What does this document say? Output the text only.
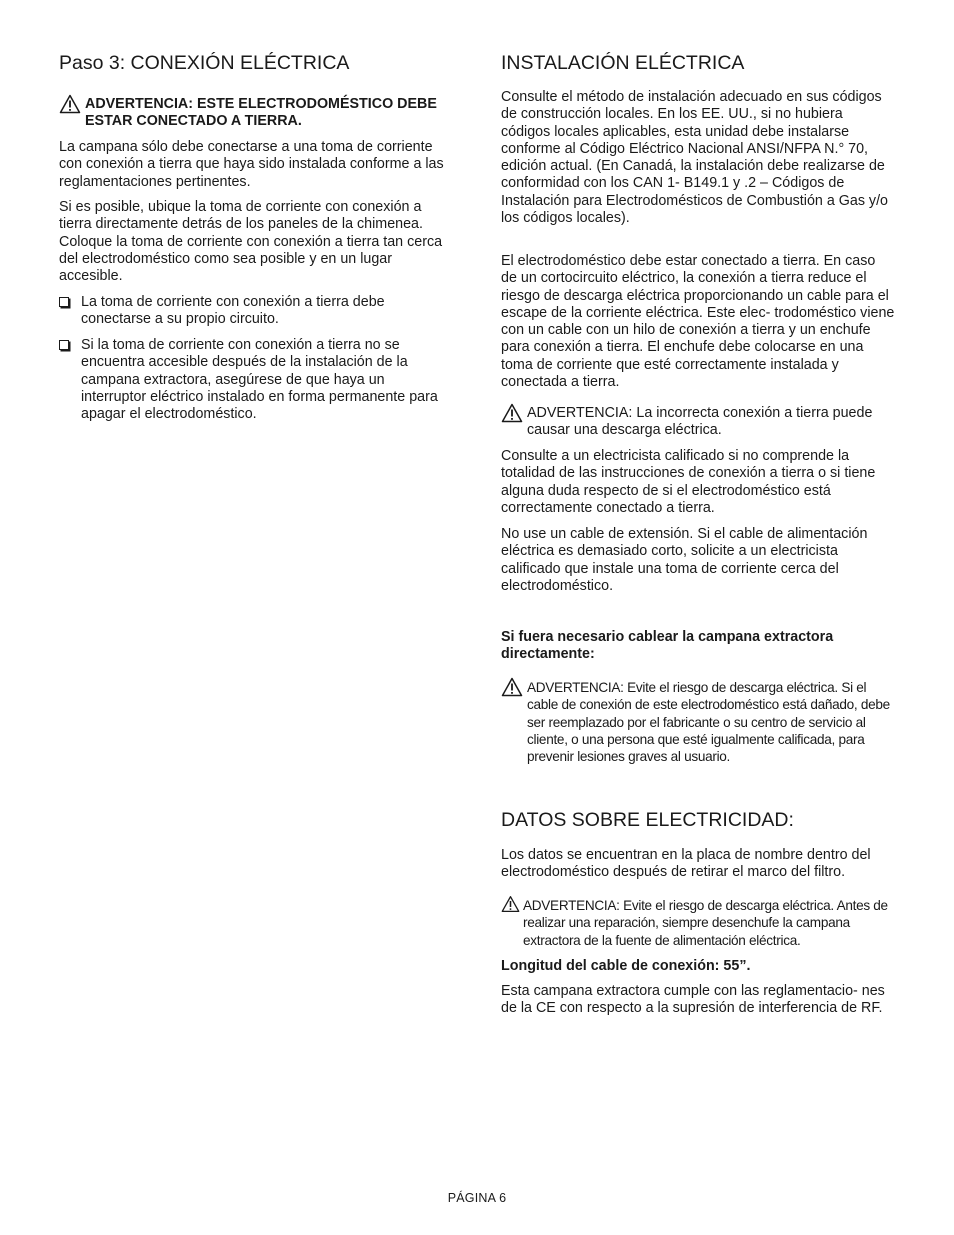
Paso 3: CONEXIÓN ELÉCTRICA
ADVERTENCIA: ESTE ELECTRODOMÉSTICO DEBE ESTAR CONECTADO A TIERRA.

La campana sólo debe conectarse a una toma de corriente con conexión a tierra que haya sido instalada conforme a las reglamentaciones pertinentes.

Si es posible, ubique la toma de corriente con conexión a tierra directamente detrás de los paneles de la chimenea. Coloque la toma de corriente con conexión a tierra tan cerca del electrodoméstico como sea posible y en un lugar accesible.

La toma de corriente con conexión a tierra debe conectarse a su propio circuito.
Si la toma de corriente con conexión a tierra no se encuentra accesible después de la instalación de la campana extractora, asegúrese de que haya un interruptor eléctrico instalado en forma permanente para apagar el electrodoméstico.
INSTALACIÓN ELÉCTRICA

Consulte el método de instalación adecuado en sus códigos de construcción locales. En los EE. UU., si no hubiera códigos locales aplicables, esta unidad debe instalarse conforme al Código Eléctrico Nacional ANSI/NFPA N.° 70, edición actual. (En Canadá, la instalación debe realizarse de conformidad con los CAN 1- B149.1 y .2 – Códigos de Instalación para Electrodomésticos de Combustión a Gas y/o los códigos locales).

El electrodoméstico debe estar conectado a tierra. En caso de un cortocircuito eléctrico, la conexión a tierra reduce el riesgo de descarga eléctrica proporcionando un cable para el escape de la corriente eléctrica. Este elec- trodoméstico viene con un cable con un hilo de conexión a tierra y un enchufe para conexión a tierra. El enchufe debe colocarse en una toma de corriente que esté correctamente instalada y conectada a tierra.

ADVERTENCIA: La incorrecta conexión a tierra puede causar una descarga eléctrica.

Consulte a un electricista calificado si no comprende la totalidad de las instrucciones de conexión a tierra o si tiene alguna duda respecto de si el electrodoméstico está correctamente conectado a tierra.

No use un cable de extensión. Si el cable de alimentación eléctrica es demasiado corto, solicite a un electricista calificado que instale una toma de corriente cerca del electrodoméstico.

Si fuera necesario cablear la campana extractora directamente:

ADVERTENCIA: Evite el riesgo de descarga eléctrica. Si el cable de conexión de este electrodoméstico está dañado, debe ser reemplazado por el fabricante o su centro de servicio al cliente, o una persona que esté igualmente calificada, para prevenir lesiones graves al usuario.
DATOS SOBRE ELECTRICIDAD:

Los datos se encuentran en la placa de nombre dentro del electrodoméstico después de retirar el marco del filtro.

ADVERTENCIA: Evite el riesgo de descarga eléctrica. Antes de realizar una reparación, siempre desenchufe la campana extractora de la fuente de alimentación eléctrica.

Longitud del cable de conexión: 55”.

Esta campana extractora cumple con las reglamentacio- nes de la CE con respecto a la supresión de interferencia de RF.

PÁGINA 6
